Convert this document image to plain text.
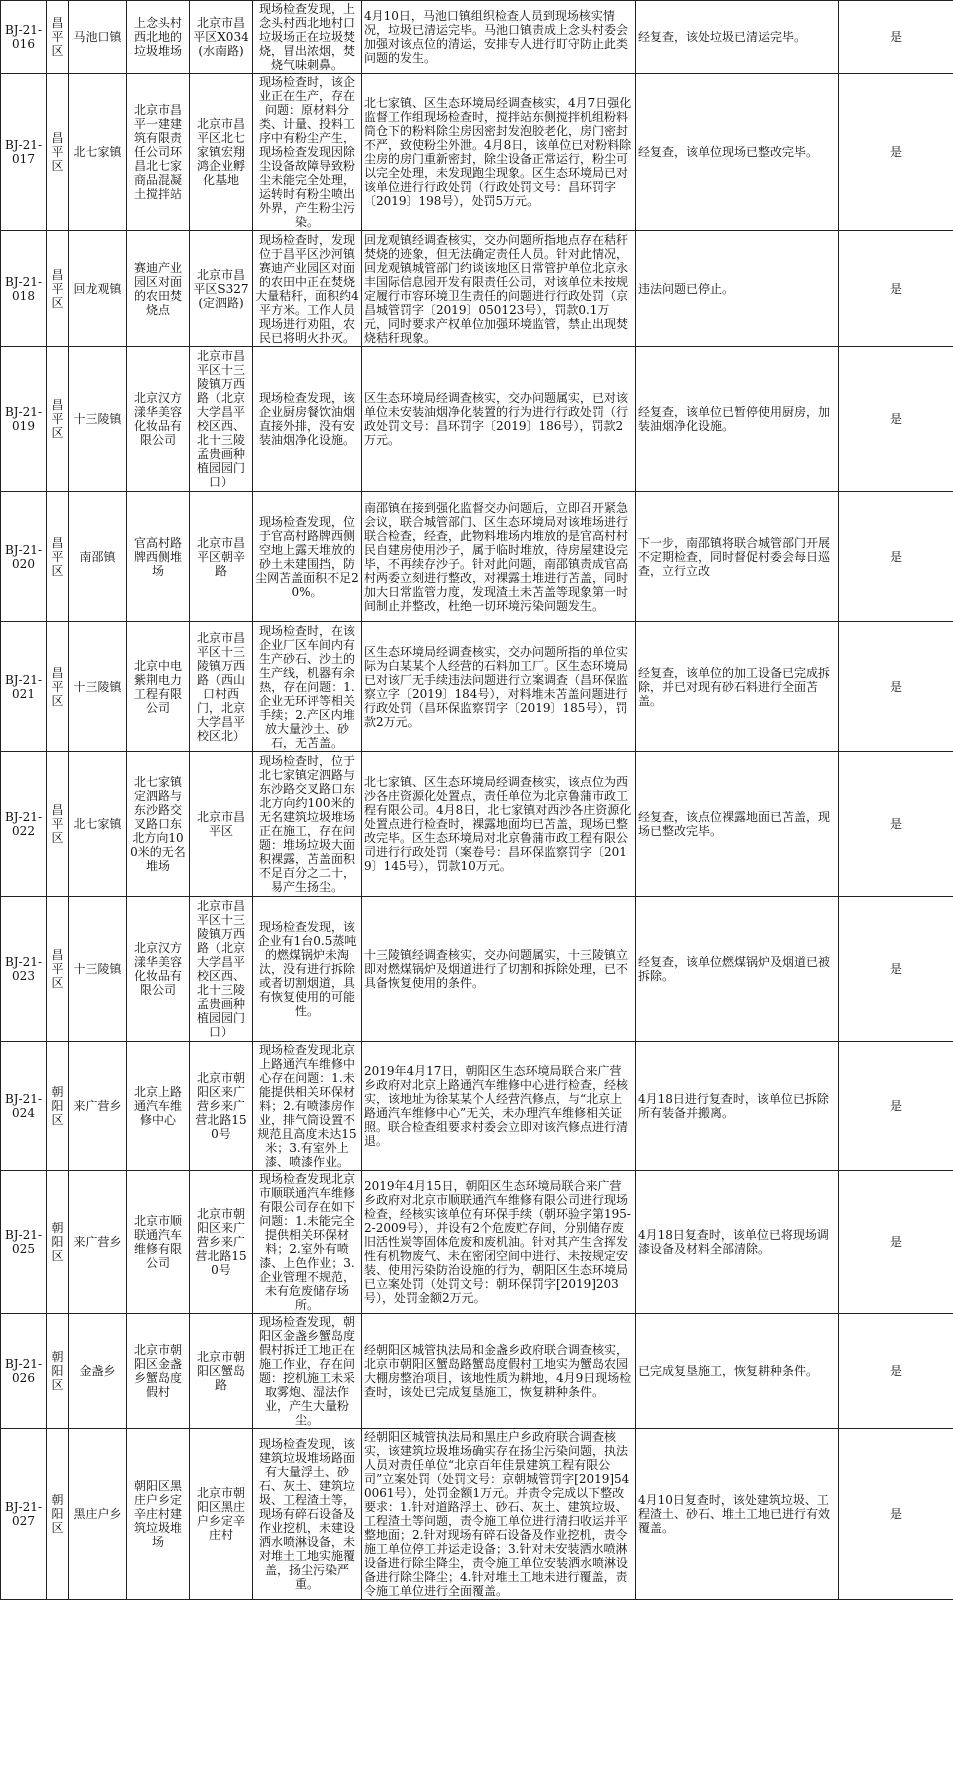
BJ-21-016	昌平区	马池口镇	上念头村西北地的垃圾堆场	北京市昌平区X034(水南路)	现场检查发现，上念头村西北地村口垃圾场正在垃圾焚烧，冒出浓烟，焚烧气味刺鼻。	4月10日，马池口镇组织检查人员到现场核实情况，垃圾已清运完毕。马池口镇责成上念头村委会加强对该点位的清运，安排专人进行盯守防止此类问题的发生。	经复查，该处垃圾已清运完毕。	是
BJ-21-017	昌平区	北七家镇	北京市昌平一建建筑有限责任公司环昌北七家商品混凝土搅拌站	北京市昌平区北七家镇宏翔鸿企业孵化基地	现场检查时，该企业正在生产，存在问题：原材料分类、计量、投料工序中有粉尘产生，现场检查发现因除尘设备故障导致粉尘未能完全处理，运转时有粉尘喷出外界，产生粉尘污染。	北七家镇、区生态环境局经调查核实，4月7日强化监督工作组现场检查时，搅拌站东侧搅拌机组粉料筒仓下的粉料除尘房因密封发泡胶老化，房门密封不严，致使粉尘外泄。4月8日，该单位已对粉料除尘房的房门重新密封，除尘设备正常运行，粉尘可以完全处理，未发现跑尘现象。区生态环境局已对该单位进行行政处罚（行政处罚文号：昌环罚字〔2019〕198号），处罚5万元。	经复查，该单位现场已整改完毕。	是
BJ-21-018	昌平区	回龙观镇	赛迪产业园区对面的农田焚烧点	北京市昌平区S327(定泗路)	现场检查时，发现位于昌平区沙河镇赛迪产业园区对面的农田中正在焚烧大量秸秆，面积约4平方米。工作人员现场进行劝阻，农民已将明火扑灭。	回龙观镇经调查核实，交办问题所指地点存在秸秆焚烧的迹象，但无法确定责任人员。针对此情况，回龙观镇城管部门约谈该地区日常管护单位北京永丰国际信息园开发有限责任公司，对该单位未按规定履行市容环境卫生责任的问题进行行政处罚（京昌城管罚字〔2019〕050123号），罚款0.1万元，同时要求产权单位加强环境监管，禁止出现焚烧秸秆现象。	违法问题已停止。	是
BJ-21-019	昌平区	十三陵镇	北京汉方漾华美容化妆品有限公司	北京市昌平区十三陵镇万西路（北京大学昌平校区西、北十三陵孟贵画种植园园门口）	现场检查发现，该企业厨房餐饮油烟直接外排，没有安装油烟净化设施。	区生态环境局经调查核实，交办问题属实，已对该单位未安装油烟净化装置的行为进行行政处罚（行政处罚文号：昌环罚字〔2019〕186号），罚款2万元。	经复查，该单位已暂停使用厨房，加装油烟净化设施。	是
BJ-21-020	昌平区	南邵镇	官高村路牌西侧堆场	北京市昌平区朝辛路	现场检查发现，位于官高村路牌西侧空地上露天堆放的砂土未建围挡，防尘网苫盖面积不足20%。	南邵镇在接到强化监督交办问题后，立即召开紧急会议，联合城管部门、区生态环境局对该堆场进行联合检查，经查，此物料堆场内堆放的是官高村村民自建房使用沙子，属于临时堆放，待房屋建设完毕，不再续存沙子。针对此问题，南邵镇责成官高村两委立刻进行整改，对裸露土堆进行苫盖，同时加大日常监管力度，发现渣土未苫盖等现象第一时间制止并整改，杜绝一切环境污染问题发生。	下一步，南邵镇将联合城管部门开展不定期检查，同时督促村委会每日巡查，立行立改	是
BJ-21-021	昌平区	十三陵镇	北京中电紫荆电力工程有限公司	北京市昌平区十三陵镇万西路（西山口村西门，北京大学昌平校区北）	现场检查时，在该企业厂区车间内有生产砂石、沙土的生产线，机器有余热，存在问题：1.企业无环评等相关手续；2.产区内堆放大量沙土、砂石，无苫盖。	区生态环境局经调查核实，交办问题所指的单位实际为白某某个人经营的石料加工厂。区生态环境局已对该厂无手续违法问题进行立案调查（昌环保监察立字〔2019〕184号），对料堆未苫盖问题进行行政处罚（昌环保监察罚字〔2019〕185号），罚款2万元。	经复查，该单位的加工设备已完成拆除，并已对现有砂石料进行全面苫盖。	是
BJ-21-022	昌平区	北七家镇	北七家镇定泗路与东沙路交叉路口东北方向100米的无名堆场	北京市昌平区	现场检查时，位于北七家镇定泗路与东沙路交叉路口东北方向约100米的无名建筑垃圾堆场正在施工，存在问题：堆场垃圾大面积裸露，苫盖面积不足百分之二十，易产生扬尘。	北七家镇、区生态环境局经调查核实，该点位为西沙各庄资源化处置点，责任单位为北京鲁蒲市政工程有限公司。4月8日，北七家镇对西沙各庄资源化处置点进行检查时，裸露地面均已苫盖，现场已整改完毕。区生态环境局对北京鲁蒲市政工程有限公司进行行政处罚（案卷号：昌环保监察罚字〔2019〕145号），罚款10万元。	经复查，该点位裸露地面已苫盖，现场已整改完毕。	是
BJ-21-023	昌平区	十三陵镇	北京汉方漾华美容化妆品有限公司	北京市昌平区十三陵镇万西路（北京大学昌平校区西、北十三陵孟贵画种植园园门口）	现场检查发现，该企业有1台0.5蒸吨的燃煤锅炉未淘汰，没有进行拆除或者切割烟道，具有恢复使用的可能性。	十三陵镇经调查核实，交办问题属实，十三陵镇立即对燃煤锅炉及烟道进行了切割和拆除处理，已不具备恢复使用的条件。	经复查，该单位燃煤锅炉及烟道已被拆除。	是
BJ-21-024	朝阳区	来广营乡	北京上路通汽车维修中心	北京市朝阳区来广营乡来广营北路150号	现场检查发现北京上路通汽车维修中心存在问题：1.未能提供相关环保材料；2.有喷漆房作业，排气筒设置不规范且高度未达15米；3.有室外上漆、喷漆作业。	2019年4月17日，朝阳区生态环境局联合来广营乡政府对北京上路通汽车维修中心进行检查，经核实，该地址为徐某某个人经营汽修点，与“北京上路通汽车维修中心”无关，未办理汽车维修相关证照。联合检查组要求村委会立即对该汽修点进行清退。	4月18日进行复查时，该单位已拆除所有装备并搬离。	是
BJ-21-025	朝阳区	来广营乡	北京市顺联通汽车维修有限公司	北京市朝阳区来广营乡来广营北路150号	现场检查发现北京市顺联通汽车维修有限公司存在如下问题：1.未能完全提供相关环保材料；2.室外有喷漆、上色作业；3.企业管理不规范，未有危废储存场所。	2019年4月15日，朝阳区生态环境局联合来广营乡政府对北京市顺联通汽车维修有限公司进行现场检查，经核实该单位有环保手续（朝环验字第195-2-2009号），并设有2个危废贮存间，分别储存废旧活性炭等固体危废和废机油。针对其产生含挥发性有机物废气、未在密闭空间中进行、未按规定安装、使用污染防治设施的行为，朝阳区生态环境局已立案处罚（处罚文号：朝环保罚字[2019]203号），处罚金额2万元。	4月18日复查时，该单位已将现场调漆设备及材料全部清除。	是
BJ-21-026	朝阳区	金盏乡	北京市朝阳区金盏乡蟹岛度假村	北京市朝阳区蟹岛路	现场检查发现，朝阳区金盏乡蟹岛度假村拆迁工地正在施工作业，存在问题：挖机施工未采取雾炮、湿法作业，产生大量粉尘。	经朝阳区城管执法局和金盏乡政府联合调查核实，北京市朝阳区蟹岛路蟹岛度假村工地实为蟹岛农园大棚房整治项目，该地性质为耕地，4月9日现场检查时，该处已完成复垦施工，恢复耕种条件。	已完成复垦施工，恢复耕种条件。	是
BJ-21-027	朝阳区	黑庄户乡	朝阳区黑庄户乡定辛庄村建筑垃圾堆场	北京市朝阳区黑庄户乡定辛庄村	现场检查发现，该建筑垃圾堆场路面有大量浮土、砂石、灰土、建筑垃圾、工程渣土等，现场有碎石设备及作业挖机，未建设洒水喷淋设备，未对堆土工地实施覆盖，扬尘污染严重。	经朝阳区城管执法局和黑庄户乡政府联合调查核实，该建筑垃圾堆场确实存在扬尘污染问题，执法人员对责任单位“北京百年佳景建筑工程有限公司”立案处罚（处罚文号：京朝城管罚字[2019]540061号），处罚金额1万元。并责令完成以下整改要求：1.针对道路浮土、砂石、灰土、建筑垃圾、工程渣土等问题，责令施工单位进行清扫收运并平整地面；2.针对现场有碎石设备及作业挖机，责令施工单位停工并运走设备；3.针对未安装洒水喷淋设备进行除尘降尘，责令施工单位安装洒水喷淋设备进行除尘降尘；4.针对堆土工地未进行覆盖，责令施工单位进行全面覆盖。	4月10日复查时，该处建筑垃圾、工程渣土、砂石、堆土工地已进行有效覆盖。	是
